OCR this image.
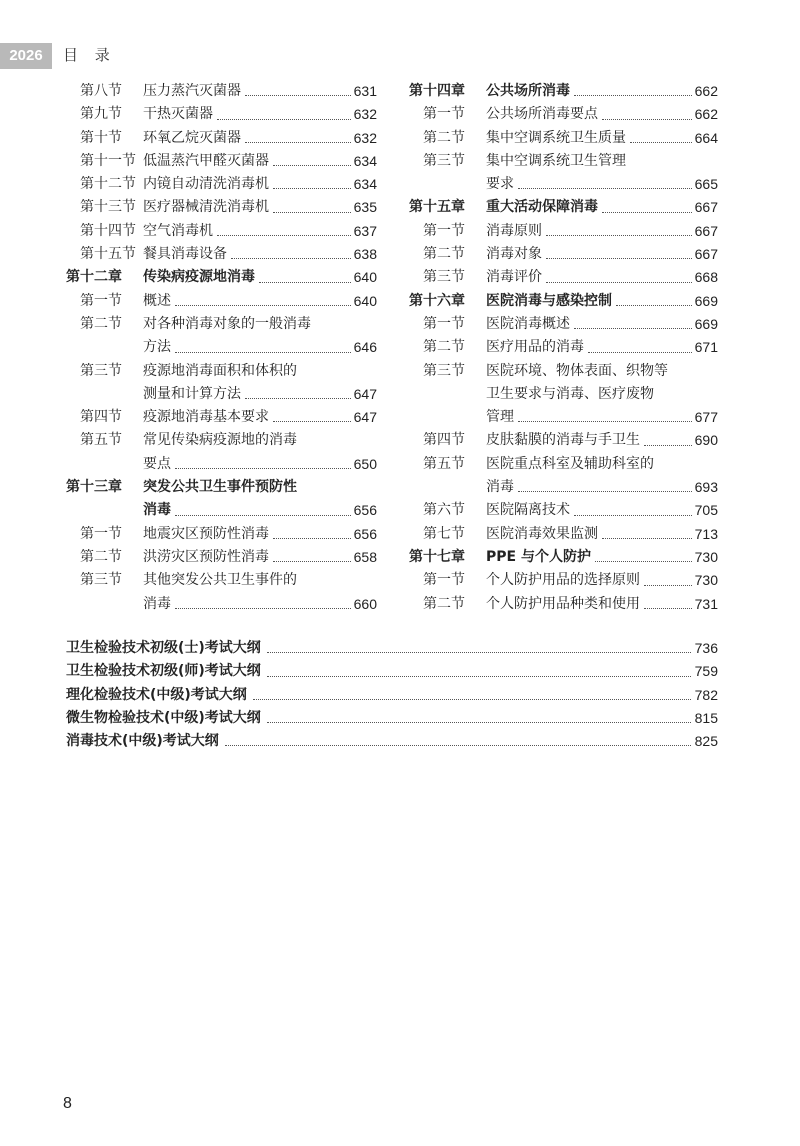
2026	目 录
第八节 压力蒸汽灭菌器	631
第九节 干热灭菌器	632
第十节 环氧乙烷灭菌器	632
第十一节 低温蒸汽甲醛灭菌器	634
第十二节 内镜自动清洗消毒机	634
第十三节 医疗器械清洗消毒机	635
第十四节 空气消毒机	637
第十五节 餐具消毒设备	638
第十二章 传染病疫源地消毒	640
第一节 概述	640
第二节 对各种消毒对象的一般消毒
方法	646
第三节 疫源地消毒面积和体积的
测量和计算方法	647
第四节 疫源地消毒基本要求	647
第五节 常见传染病疫源地的消毒
要点	650
第十三章 突发公共卫生事件预防性
消毒	656
第一节 地震灾区预防性消毒	656
第二节 洪涝灾区预防性消毒	658
第三节 其他突发公共卫生事件的
消毒	660
第十四章 公共场所消毒	662
第一节 公共场所消毒要点	662
第二节 集中空调系统卫生质量	664
第三节 集中空调系统卫生管理
要求	665
第十五章 重大活动保障消毒	667
第一节 消毒原则	667
第二节 消毒对象	667
第三节 消毒评价	668
第十六章 医院消毒与感染控制	669
第一节 医院消毒概述	669
第二节 医疗用品的消毒	671
第三节 医院环境、物体表面、织物等
卫生要求与消毒、医疗废物
管理	677
第四节 皮肤黏膜的消毒与手卫生	690
第五节 医院重点科室及辅助科室的
消毒	693
第六节 医院隔离技术	705
第七节 医院消毒效果监测	713
第十七章 PPE 与个人防护	730
第一节 个人防护用品的选择原则	730
第二节 个人防护用品种类和使用	731
卫生检验技术初级(士)考试大纲	736
卫生检验技术初级(师)考试大纲	759
理化检验技术(中级)考试大纲	782
微生物检验技术(中级)考试大纲	815
消毒技术(中级)考试大纲	825
8
